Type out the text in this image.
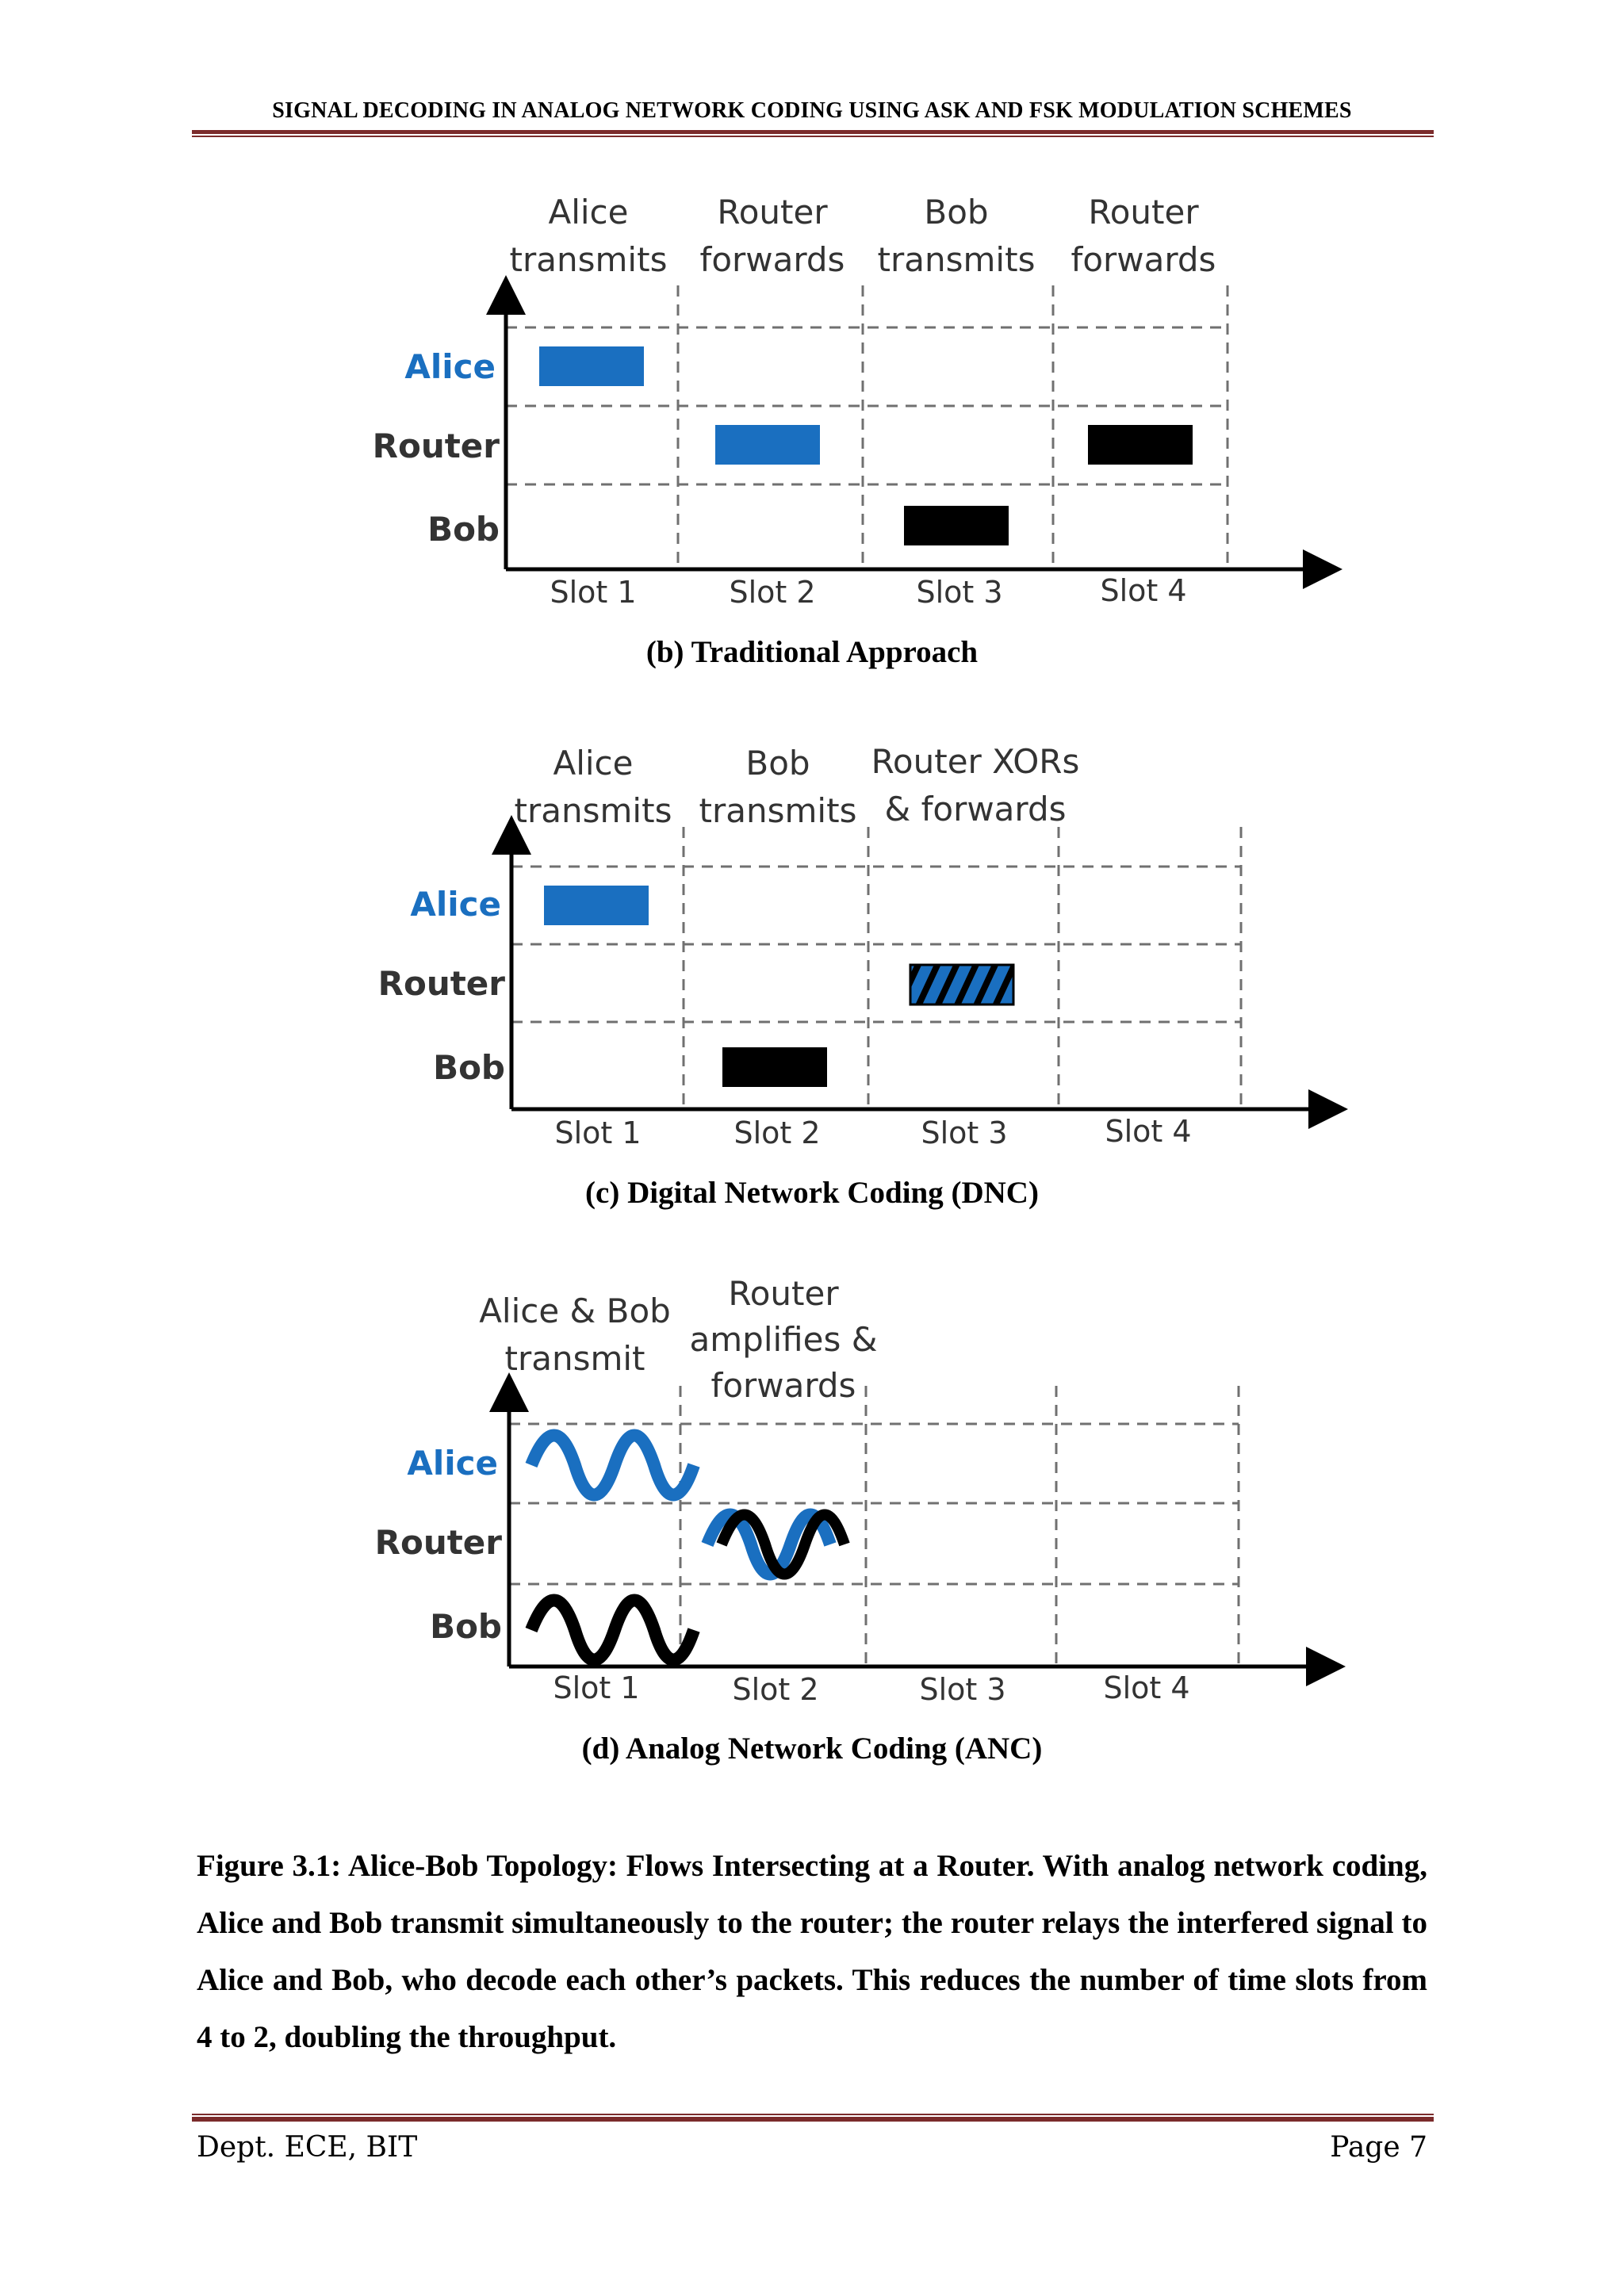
SIGNAL DECODING IN ANALOG NETWORK CODING USING ASK AND FSK MODULATION SCHEMES
Alice
transmits
Router
forwards
Bob
transmits
Router
forwards
Alice
Router
Bob
Slot 1	Slot 2	Slot 3	Slot 4
(b) Traditional Approach
Alice
transmits
Bob
transmits
Router XORs
& forwards
Alice
Router
Bob
Slot 1	Slot 2	Slot 3	Slot 4
(c) Digital Network Coding (DNC)
Alice & Bob
transmit
Router
amplifies &
forwards
Alice
Router
Bob
Slot 1	Slot 2	Slot 3	Slot 4
(d) Analog Network Coding (ANC)
Figure 3.1: Alice-Bob Topology: Flows Intersecting at a Router. With analog network coding, Alice and Bob transmit simultaneously to the router; the router relays the interfered signal to Alice and Bob, who decode each other’s packets. This reduces the number of time slots from 4 to 2, doubling the throughput.
Dept. ECE, BIT	Page 7
